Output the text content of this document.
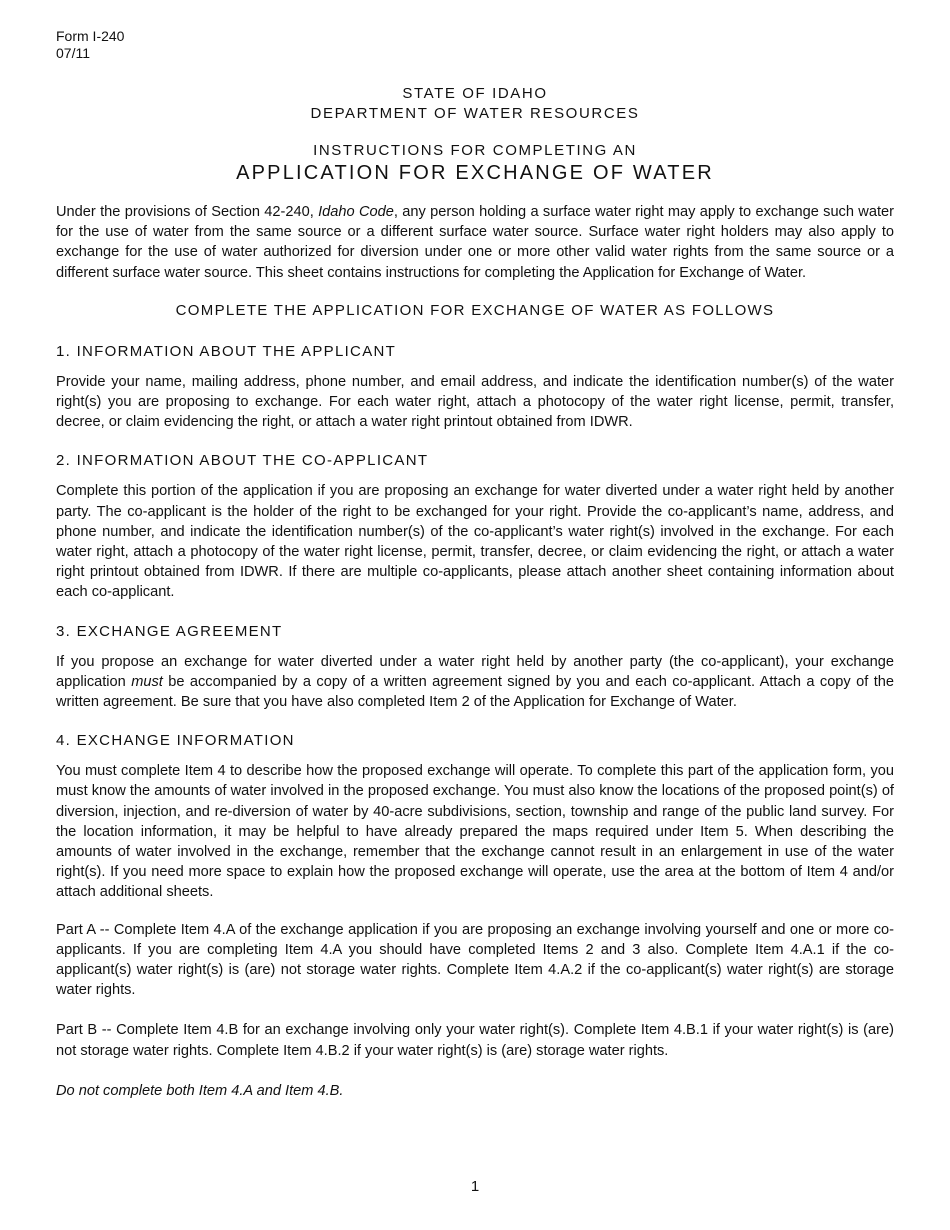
Form I-240
07/11
STATE OF IDAHO
DEPARTMENT OF WATER RESOURCES
INSTRUCTIONS FOR COMPLETING AN
APPLICATION FOR EXCHANGE OF WATER

Under the provisions of Section 42-240, Idaho Code, any person holding a surface water right may apply to exchange such water for the use of water from the same source or a different surface water source. Surface water right holders may also apply to exchange for the use of water authorized for diversion under one or more other valid water rights from the same source or a different surface water source. This sheet contains instructions for completing the Application for Exchange of Water.

COMPLETE THE APPLICATION FOR EXCHANGE OF WATER AS FOLLOWS
1. INFORMATION ABOUT THE APPLICANT

Provide your name, mailing address, phone number, and email address, and indicate the identification number(s) of the water right(s) you are proposing to exchange. For each water right, attach a photocopy of the water right license, permit, transfer, decree, or claim evidencing the right, or attach a water right printout obtained from IDWR.

2. INFORMATION ABOUT THE CO-APPLICANT

Complete this portion of the application if you are proposing an exchange for water diverted under a water right held by another party. The co-applicant is the holder of the right to be exchanged for your right. Provide the co-applicant’s name, address, and phone number, and indicate the identification number(s) of the co-applicant’s water right(s) involved in the exchange. For each water right, attach a photocopy of the water right license, permit, transfer, decree, or claim evidencing the right, or attach a water right printout obtained from IDWR. If there are multiple co-applicants, please attach another sheet containing information about each co-applicant.

3. EXCHANGE AGREEMENT

If you propose an exchange for water diverted under a water right held by another party (the co-applicant), your exchange application must be accompanied by a copy of a written agreement signed by you and each co-applicant. Attach a copy of the written agreement. Be sure that you have also completed Item 2 of the Application for Exchange of Water.

4. EXCHANGE INFORMATION

You must complete Item 4 to describe how the proposed exchange will operate. To complete this part of the application form, you must know the amounts of water involved in the proposed exchange. You must also know the locations of the proposed point(s) of diversion, injection, and re-diversion of water by 40-acre subdivisions, section, township and range of the public land survey. For the location information, it may be helpful to have already prepared the maps required under Item 5. When describing the amounts of water involved in the exchange, remember that the exchange cannot result in an enlargement in use of the water right(s). If you need more space to explain how the proposed exchange will operate, use the area at the bottom of Item 4 and/or attach additional sheets.

Part A -- Complete Item 4.A of the exchange application if you are proposing an exchange involving yourself and one or more co-applicants. If you are completing Item 4.A you should have completed Items 2 and 3 also. Complete Item 4.A.1 if the co-applicant(s) water right(s) is (are) not storage water rights. Complete Item 4.A.2 if the co-applicant(s) water right(s) are storage water rights.

Part B -- Complete Item 4.B for an exchange involving only your water right(s). Complete Item 4.B.1 if your water right(s) is (are) not storage water rights. Complete Item 4.B.2 if your water right(s) is (are) storage water rights.

Do not complete both Item 4.A and Item 4.B.

1
